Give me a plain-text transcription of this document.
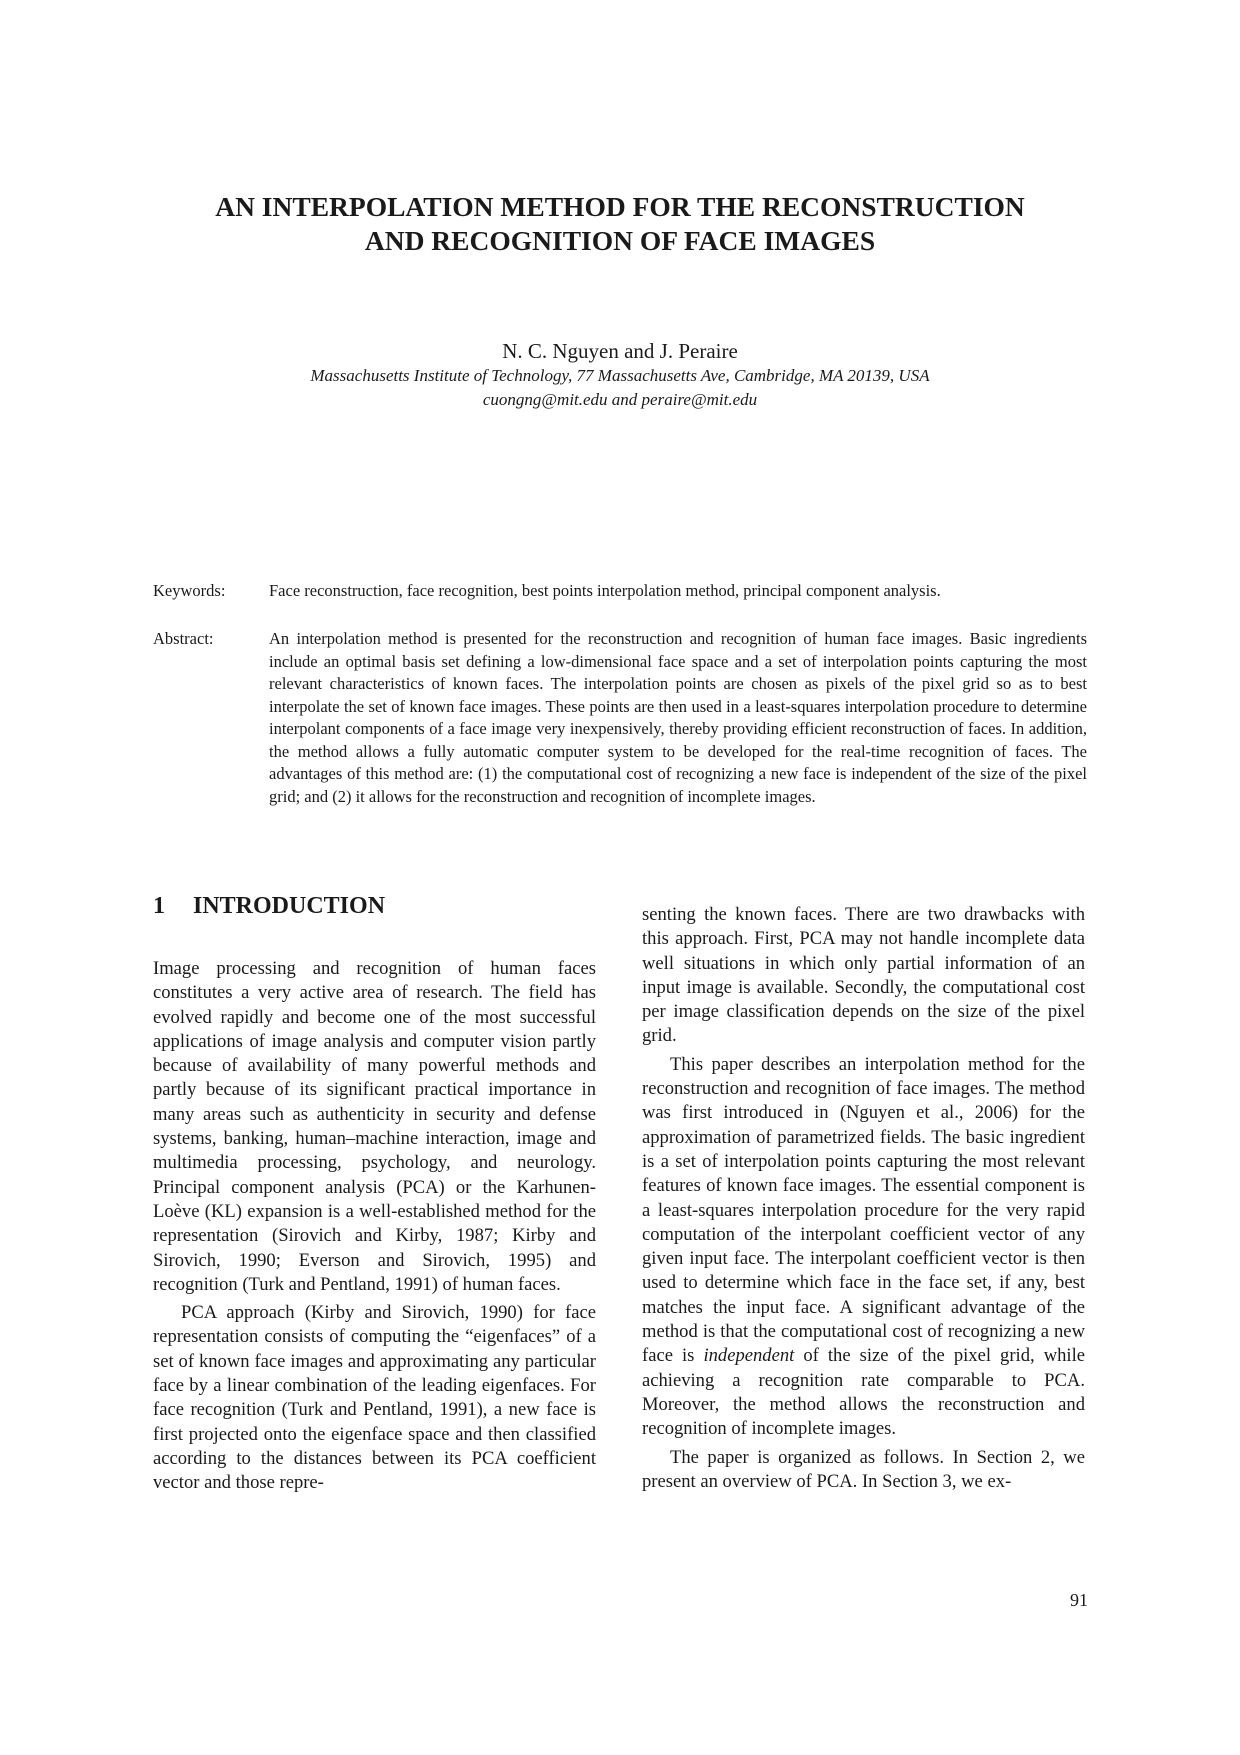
AN INTERPOLATION METHOD FOR THE RECONSTRUCTION
AND RECOGNITION OF FACE IMAGES

N. C. Nguyen and J. Peraire

Massachusetts Institute of Technology, 77 Massachusetts Ave, Cambridge, MA 20139, USA

cuongng@mit.edu and peraire@mit.edu

Keywords:	Face reconstruction, face recognition, best points interpolation method, principal component analysis.
Abstract:	An interpolation method is presented for the reconstruction and recognition of human face images. Basic ingredients include an optimal basis set defining a low-dimensional face space and a set of interpolation points capturing the most relevant characteristics of known faces. The interpolation points are chosen as pixels of the pixel grid so as to best interpolate the set of known face images. These points are then used in a least-squares interpolation procedure to determine interpolant components of a face image very inexpensively, thereby providing efficient reconstruction of faces. In addition, the method allows a fully automatic computer system to be developed for the real-time recognition of faces. The advantages of this method are: (1) the computational cost of recognizing a new face is independent of the size of the pixel grid; and (2) it allows for the reconstruction and recognition of incomplete images.
1 INTRODUCTION

Image processing and recognition of human faces constitutes a very active area of research. The field has evolved rapidly and become one of the most successful applications of image analysis and computer vision partly because of availability of many powerful methods and partly because of its significant practical importance in many areas such as authenticity in security and defense systems, banking, human–machine interaction, image and multimedia processing, psychology, and neurology. Principal component analysis (PCA) or the Karhunen-Loève (KL) expansion is a well-established method for the representation (Sirovich and Kirby, 1987; Kirby and Sirovich, 1990; Everson and Sirovich, 1995) and recognition (Turk and Pentland, 1991) of human faces.

PCA approach (Kirby and Sirovich, 1990) for face representation consists of computing the “eigenfaces” of a set of known face images and approximating any particular face by a linear combination of the leading eigenfaces. For face recognition (Turk and Pentland, 1991), a new face is first projected onto the eigenface space and then classified according to the distances between its PCA coefficient vector and those repre-

senting the known faces. There are two drawbacks with this approach. First, PCA may not handle incomplete data well situations in which only partial information of an input image is available. Secondly, the computational cost per image classification depends on the size of the pixel grid.

This paper describes an interpolation method for the reconstruction and recognition of face images. The method was first introduced in (Nguyen et al., 2006) for the approximation of parametrized fields. The basic ingredient is a set of interpolation points capturing the most relevant features of known face images. The essential component is a least-squares interpolation procedure for the very rapid computation of the interpolant coefficient vector of any given input face. The interpolant coefficient vector is then used to determine which face in the face set, if any, best matches the input face. A significant advantage of the method is that the computational cost of recognizing a new face is independent of the size of the pixel grid, while achieving a recognition rate comparable to PCA. Moreover, the method allows the reconstruction and recognition of incomplete images.

The paper is organized as follows. In Section 2, we present an overview of PCA. In Section 3, we ex-

91
